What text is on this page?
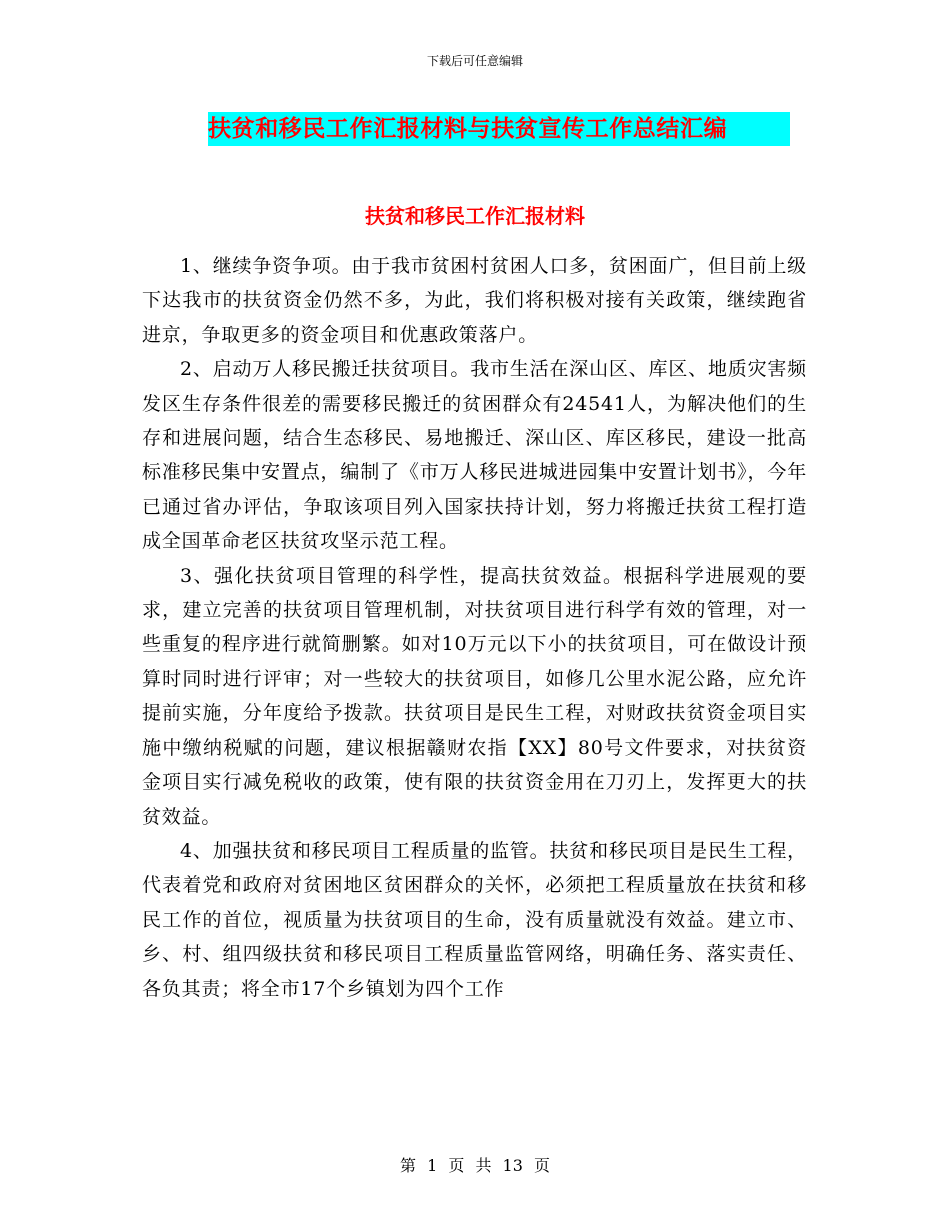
下载后可任意编辑
扶贫和移民工作汇报材料与扶贫宣传工作总结汇编
扶贫和移民工作汇报材料

1、继续争资争项。由于我市贫困村贫困人口多，贫困面广，但目前上级下达我市的扶贫资金仍然不多，为此，我们将积极对接有关政策，继续跑省进京，争取更多的资金项目和优惠政策落户。

2、启动万人移民搬迁扶贫项目。我市生活在深山区、库区、地质灾害频发区生存条件很差的需要移民搬迁的贫困群众有24541人，为解决他们的生存和进展问题，结合生态移民、易地搬迁、深山区、库区移民，建设一批高标准移民集中安置点，编制了《市万人移民进城进园集中安置计划书》，今年已通过省办评估，争取该项目列入国家扶持计划，努力将搬迁扶贫工程打造成全国革命老区扶贫攻坚示范工程。

3、强化扶贫项目管理的科学性，提高扶贫效益。根据科学进展观的要求，建立完善的扶贫项目管理机制，对扶贫项目进行科学有效的管理，对一些重复的程序进行就简删繁。如对10万元以下小的扶贫项目，可在做设计预算时同时进行评审；对一些较大的扶贫项目，如修几公里水泥公路，应允许提前实施，分年度给予拨款。扶贫项目是民生工程，对财政扶贫资金项目实施中缴纳税赋的问题，建议根据赣财农指【XX】80号文件要求，对扶贫资金项目实行减免税收的政策，使有限的扶贫资金用在刀刃上，发挥更大的扶贫效益。

4、加强扶贫和移民项目工程质量的监管。扶贫和移民项目是民生工程，代表着党和政府对贫困地区贫困群众的关怀，必须把工程质量放在扶贫和移民工作的首位，视质量为扶贫项目的生命，没有质量就没有效益。建立市、乡、村、组四级扶贫和移民项目工程质量监管网络，明确任务、落实责任、各负其责；将全市17个乡镇划为四个工作

第 1 页 共 13 页
